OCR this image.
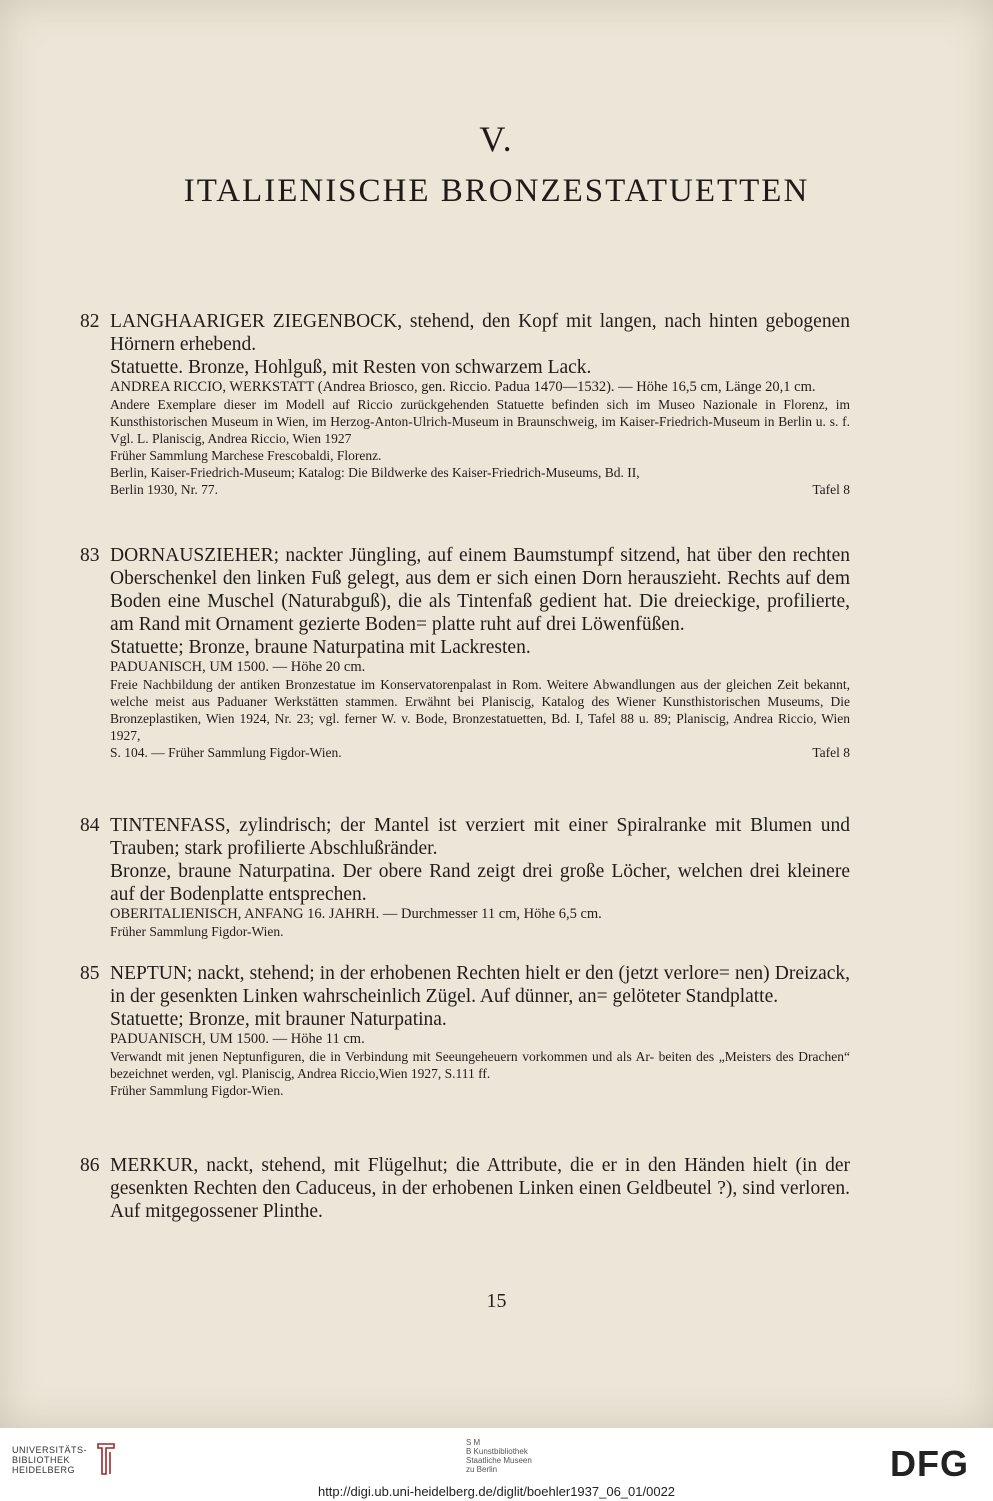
V.
ITALIENISCHE BRONZESTATUETTEN
82 LANGHAARIGER ZIEGENBOCK, stehend, den Kopf mit langen, nach hinten gebogenen Hörnern erhebend.
Statuette. Bronze, Hohlguß, mit Resten von schwarzem Lack.
ANDREA RICCIO, WERKSTATT (Andrea Briosco, gen. Riccio. Padua 1470—1532). — Höhe 16,5 cm, Länge 20,1 cm.
Andere Exemplare dieser im Modell auf Riccio zurückgehenden Statuette befinden sich im Museo Nazionale in Florenz, im Kunsthistorischen Museum in Wien, im Herzog-Anton-Ulrich-Museum in Braunschweig, im Kaiser-Friedrich-Museum in Berlin u. s. f. Vgl. L. Planiscig, Andrea Riccio, Wien 1927
Früher Sammlung Marchese Frescobaldi, Florenz.
Berlin, Kaiser-Friedrich-Museum; Katalog: Die Bildwerke des Kaiser-Friedrich-Museums, Bd. II,
Berlin 1930, Nr. 77.	Tafel 8
83 DORNAUSZIEHER; nackter Jüngling, auf einem Baumstumpf sitzend, hat über den rechten Oberschenkel den linken Fuß gelegt, aus dem er sich einen Dorn herauszieht. Rechts auf dem Boden eine Muschel (Naturabguß), die als Tintenfaß gedient hat. Die dreieckige, profilierte, am Rand mit Ornament gezierte Boden= platte ruht auf drei Löwenfüßen.
Statuette; Bronze, braune Naturpatina mit Lackresten.
PADUANISCH, UM 1500. — Höhe 20 cm.
Freie Nachbildung der antiken Bronzestatue im Konservatorenpalast in Rom. Weitere Abwandlungen aus der gleichen Zeit bekannt, welche meist aus Paduaner Werkstätten stammen. Erwähnt bei Planiscig, Katalog des Wiener Kunsthistorischen Museums, Die Bronzeplastiken, Wien 1924, Nr. 23; vgl. ferner W. v. Bode, Bronzestatuetten, Bd. I, Tafel 88 u. 89; Planiscig, Andrea Riccio, Wien 1927,
S. 104. — Früher Sammlung Figdor-Wien.	Tafel 8
84 TINTENFASS, zylindrisch; der Mantel ist verziert mit einer Spiralranke mit Blumen und Trauben; stark profilierte Abschlußränder.
Bronze, braune Naturpatina. Der obere Rand zeigt drei große Löcher, welchen drei kleinere auf der Bodenplatte entsprechen.
OBERITALIENISCH, ANFANG 16. JAHRH. — Durchmesser 11 cm, Höhe 6,5 cm.
Früher Sammlung Figdor-Wien.
85 NEPTUN; nackt, stehend; in der erhobenen Rechten hielt er den (jetzt verlore= nen) Dreizack, in der gesenkten Linken wahrscheinlich Zügel. Auf dünner, an= gelöteter Standplatte.
Statuette; Bronze, mit brauner Naturpatina.
PADUANISCH, UM 1500. — Höhe 11 cm.
Verwandt mit jenen Neptunfiguren, die in Verbindung mit Seeungeheuern vorkommen und als Ar- beiten des „Meisters des Drachen“ bezeichnet werden, vgl. Planiscig, Andrea Riccio,Wien 1927, S.111 ff.
Früher Sammlung Figdor-Wien.
86 MERKUR, nackt, stehend, mit Flügelhut; die Attribute, die er in den Händen hielt (in der gesenkten Rechten den Caduceus, in der erhobenen Linken einen Geldbeutel ?), sind verloren. Auf mitgegossener Plinthe.
15
UNIVERSITÄTS-
BIBLIOTHEK
HEIDELBERG
S M
B Kunstbibliothek
Staatliche Museen
zu Berlin	DFG
http://digi.ub.uni-heidelberg.de/diglit/boehler1937_06_01/0022
